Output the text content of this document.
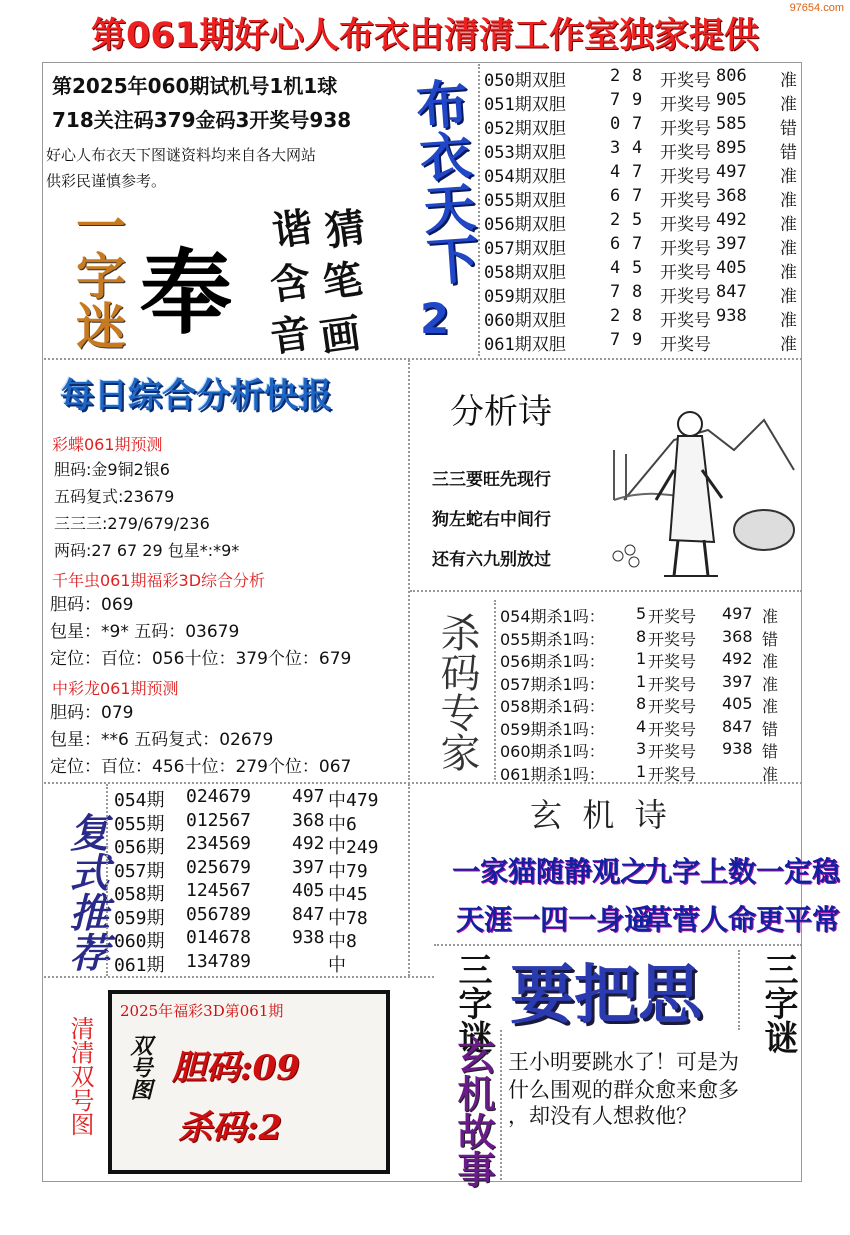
97654.com
第061期好心人布衣由清清工作室独家提供
第2025年060期试机号1机1球
718关注码379金码3开奖号938
好心人布衣天下图谜资料均来自各大网站
供彩民谨慎参考。
一字迷 奉
猜
笔
画
谐
含
音
布衣天下
2
050期双胆	2 8 开奖号 806 准
051期双胆	7 9 开奖号 905 准
052期双胆	0 7 开奖号 585 错
053期双胆	3 4 开奖号 895 错
054期双胆	4 7 开奖号 497 准
055期双胆	6 7 开奖号 368 准
056期双胆	2 5 开奖号 492 准
057期双胆	6 7 开奖号 397 准
058期双胆	4 5 开奖号 405 准
059期双胆	7 8 开奖号 847 准
060期双胆	2 8 开奖号 938 准
061期双胆	7 9 开奖号	准
每日综合分析快报
彩蝶061期预测
胆码:金9铜2银6
五码复式:23679
三三三:279/679/236
两码:27 67 29 包星*:*9*
千年虫061期福彩3D综合分析
胆码：069
包星：*9* 五码：03679
定位：百位：056十位：379个位：679
中彩龙061期预测
胆码：079
包星：**6 五码复式：02679
定位：百位：456十位：279个位：067
分析诗
三三要旺先现行
狗左蛇右中间行
还有六九别放过
杀码专家 054期杀1吗： 5 开奖号 497 准
055期杀1吗： 8 开奖号 368 错
056期杀1吗： 1 开奖号 492 准
057期杀1吗： 1 开奖号 397 准
058期杀1码： 8 开奖号 405 准
059期杀1吗： 4 开奖号 847 错
060期杀1吗： 3 开奖号 938 错
061期杀1吗： 1 开奖号	准
复式推荐
054期 024679 497 中479
055期 012567 368 中6
056期 234569 492 中249
057期 025679 397 中79
058期 124567 405 中45
059期 056789 847 中78
060期 014678 938 中8
061期 134789	中
玄  机  诗
一家猫随静观之
九字上数一定稳
天涯一四一身遥
草菅人命更平常
三字谜 要把思 三字谜
玄机故事 王小明要跳水了！可是为
什么围观的群众愈来愈多
，却没有人想救他？
清清双号图
2025年福彩3D第061期
双号图 胆码:09
杀码:2
